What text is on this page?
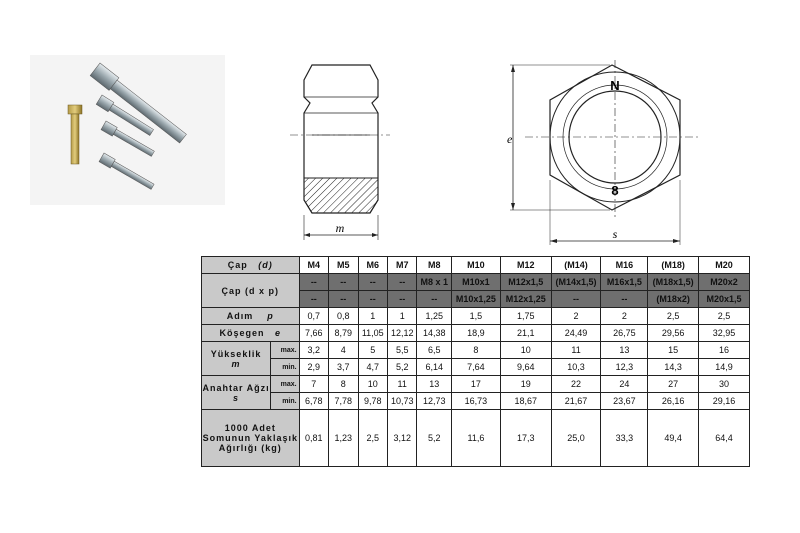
m
N
8
e
s
Çap (d)		M4	M5	M6	M7	M8	M10	M12	(M14)	M16	(M18)	M20
Çap (d x p)		--	--	--	--	M8 x 1	M10x1	M12x1,5	(M14x1,5)	M16x1,5	(M18x1,5)	M20x2
		--	--	--	--	--	M10x1,25	M12x1,25	--	--	(M18x2)	M20x1,5
Adım p		0,7	0,8	1	1	1,25	1,5	1,75	2	2	2,5	2,5
Köşegen e		7,66	8,79	11,05	12,12	14,38	18,9	21,1	24,49	26,75	29,56	32,95
Yükseklik
m	max.	3,2	4	5	5,5	6,5	8	10	11	13	15	16
	min.	2,9	3,7	4,7	5,2	6,14	7,64	9,64	10,3	12,3	14,3	14,9
Anahtar Ağzı
s	max.	7	8	10	11	13	17	19	22	24	27	30
	min.	6,78	7,78	9,78	10,73	12,73	16,73	18,67	21,67	23,67	26,16	29,16
1000 Adet Somunun Yaklaşık Ağırlığı (kg)		0,81	1,23	2,5	3,12	5,2	11,6	17,3	25,0	33,3	49,4	64,4
